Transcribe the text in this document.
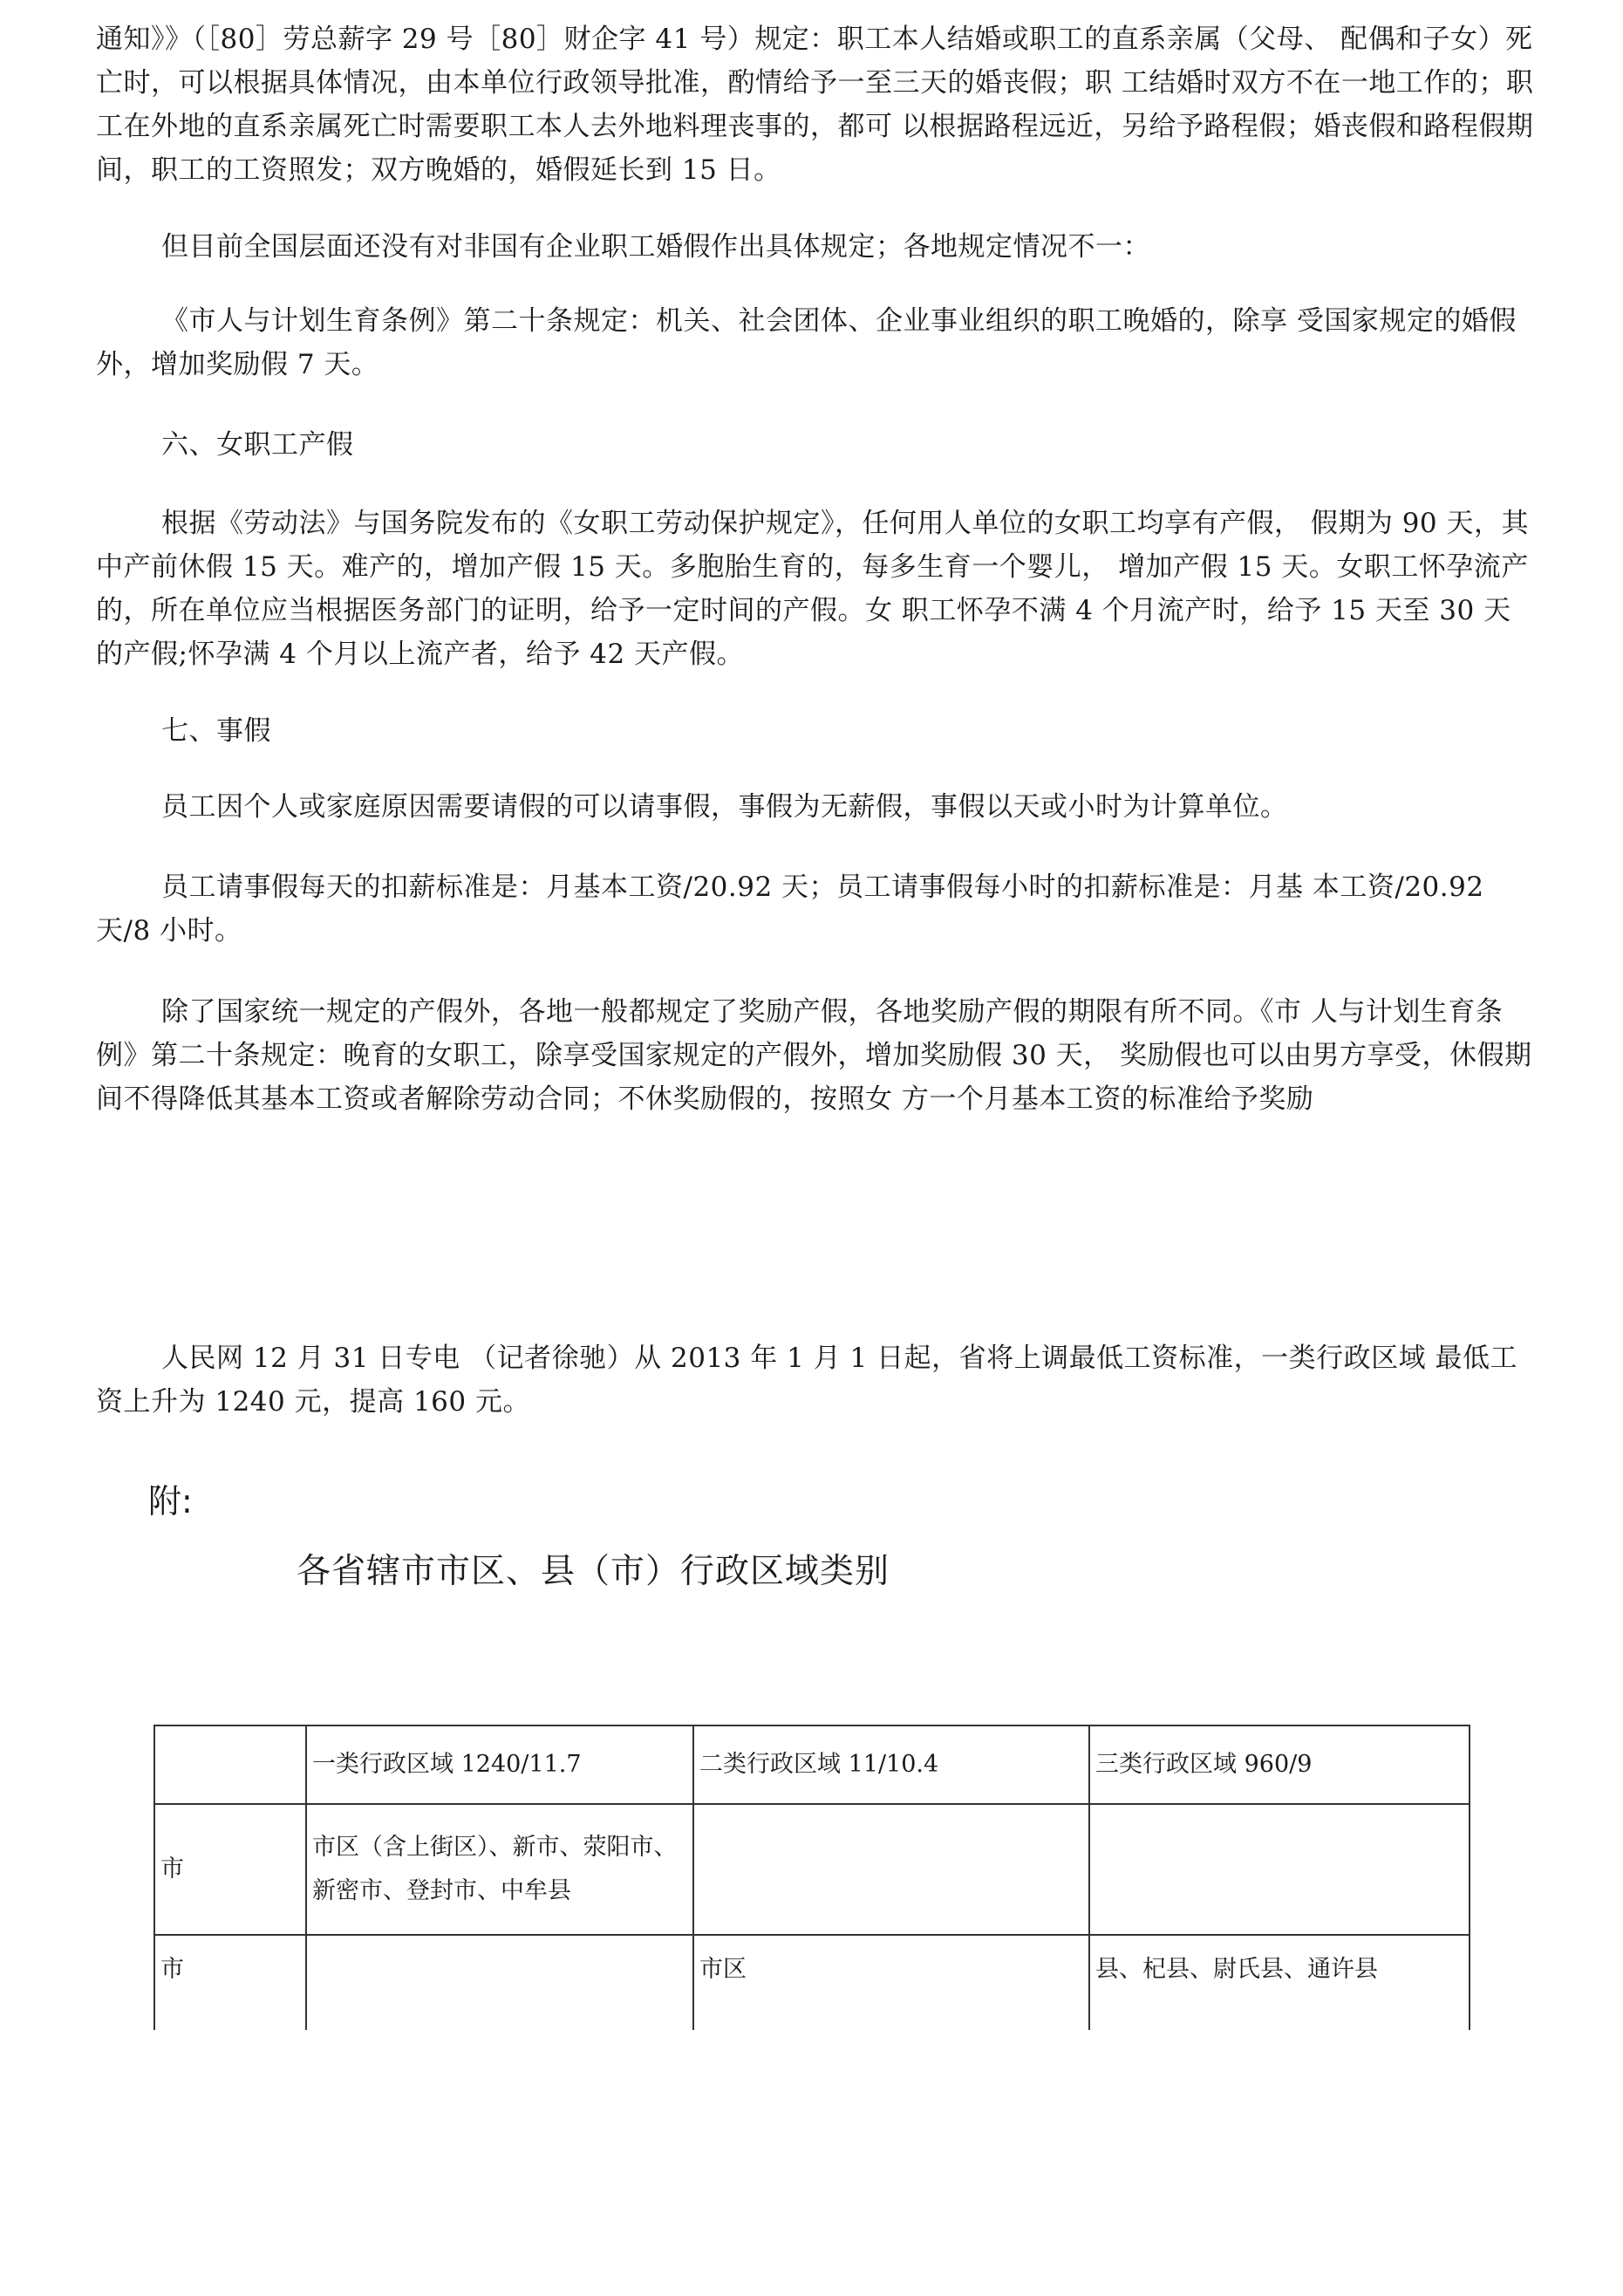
通知》》（［80］劳总薪字 29 号［80］财企字 41 号）规定：职工本人结婚或职工的直系亲属（父母、 配偶和子女）死亡时，可以根据具体情况，由本单位行政领导批准，酌情给予一至三天的婚丧假；职 工结婚时双方不在一地工作的；职工在外地的直系亲属死亡时需要职工本人去外地料理丧事的，都可 以根据路程远近，另给予路程假；婚丧假和路程假期间，职工的工资照发；双方晚婚的，婚假延长到 15 日。

但目前全国层面还没有对非国有企业职工婚假作出具体规定；各地规定情况不一：

《市人与计划生育条例》第二十条规定：机关、社会团体、企业事业组织的职工晚婚的，除享 受国家规定的婚假外，增加奖励假 7 天。

六、女职工产假

根据《劳动法》与国务院发布的《女职工劳动保护规定》，任何用人单位的女职工均享有产假， 假期为 90 天，其中产前休假 15 天。难产的，增加产假 15 天。多胞胎生育的，每多生育一个婴儿， 增加产假 15 天。女职工怀孕流产的，所在单位应当根据医务部门的证明，给予一定时间的产假。女 职工怀孕不满 4 个月流产时，给予 15 天至 30 天的产假;怀孕满 4 个月以上流产者，给予 42 天产假。

七、事假

员工因个人或家庭原因需要请假的可以请事假，事假为无薪假，事假以天或小时为计算单位。

员工请事假每天的扣薪标准是：月基本工资/20.92 天；员工请事假每小时的扣薪标准是：月基 本工资/20.92 天/8 小时。

除了国家统一规定的产假外，各地一般都规定了奖励产假，各地奖励产假的期限有所不同。《市 人与计划生育条例》第二十条规定：晚育的女职工，除享受国家规定的产假外，增加奖励假 30 天， 奖励假也可以由男方享受，休假期间不得降低其基本工资或者解除劳动合同；不休奖励假的，按照女 方一个月基本工资的标准给予奖励

人民网 12 月 31 日专电 （记者徐驰）从 2013 年 1 月 1 日起，省将上调最低工资标准，一类行政区域 最低工资上升为 1240 元，提高 160 元。

附:

各省辖市市区、县（市）行政区域类别

	一类行政区域 1240/11.7	二类行政区域 11/10.4	三类行政区域 960/9
市	市区（含上街区）、新市、荥阳市、新密市、登封市、中牟县		
市		市区	县、杞县、尉氏县、通许县
